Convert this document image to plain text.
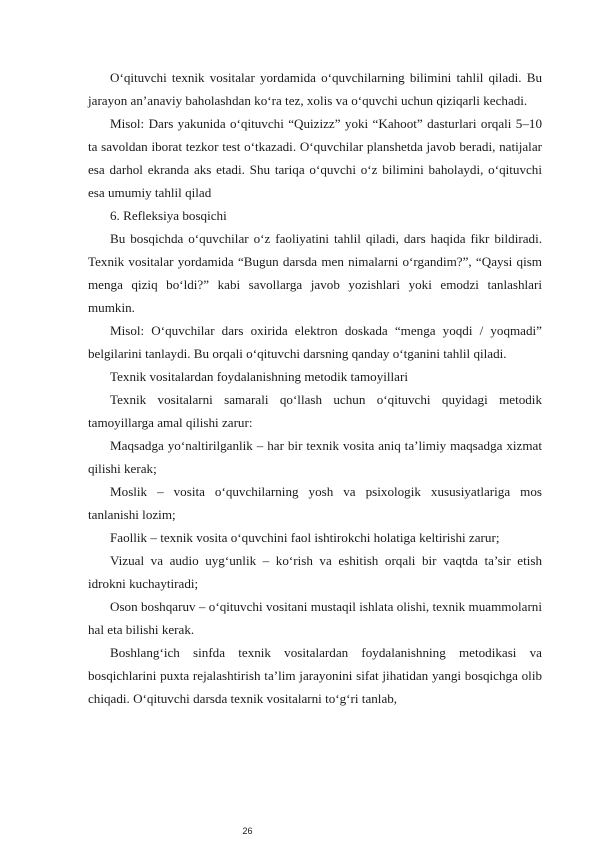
O‘qituvchi texnik vositalar yordamida o‘quvchilarning bilimini tahlil qiladi. Bu jarayon an’anaviy baholashdan ko‘ra tez, xolis va o‘quvchi uchun qiziqarli kechadi.

Misol: Dars yakunida o‘qituvchi “Quizizz” yoki “Kahoot” dasturlari orqali 5–10 ta savoldan iborat tezkor test o‘tkazadi. O‘quvchilar planshetda javob beradi, natijalar esa darhol ekranda aks etadi. Shu tariqa o‘quvchi o‘z bilimini baholaydi, o‘qituvchi esa umumiy tahlil qilad

6. Refleksiya bosqichi

Bu bosqichda o‘quvchilar o‘z faoliyatini tahlil qiladi, dars haqida fikr bildiradi. Texnik vositalar yordamida “Bugun darsda men nimalarni o‘rgandim?”, “Qaysi qism menga qiziq bo‘ldi?” kabi savollarga javob yozishlari yoki emodzi tanlashlari mumkin.

Misol: O‘quvchilar dars oxirida elektron doskada “menga yoqdi / yoqmadi” belgilarini tanlaydi. Bu orqali o‘qituvchi darsning qanday o‘tganini tahlil qiladi.

Texnik vositalardan foydalanishning metodik tamoyillari

Texnik vositalarni samarali qo‘llash uchun o‘qituvchi quyidagi metodik tamoyillarga amal qilishi zarur:

Maqsadga yo‘naltirilganlik – har bir texnik vosita aniq ta’limiy maqsadga xizmat qilishi kerak;

Moslik – vosita o‘quvchilarning yosh va psixologik xususiyatlariga mos tanlanishi lozim;

Faollik – texnik vosita o‘quvchini faol ishtirokchi holatiga keltirishi zarur;

Vizual va audio uyg‘unlik – ko‘rish va eshitish orqali bir vaqtda ta’sir etish idrokni kuchaytiradi;

Oson boshqaruv – o‘qituvchi vositani mustaqil ishlata olishi, texnik muammolarni hal eta bilishi kerak.

Boshlang‘ich sinfda texnik vositalardan foydalanishning metodikasi va bosqichlarini puxta rejalashtirish ta’lim jarayonini sifat jihatidan yangi bosqichga olib chiqadi. O‘qituvchi darsda texnik vositalarni to‘g‘ri tanlab,

26
